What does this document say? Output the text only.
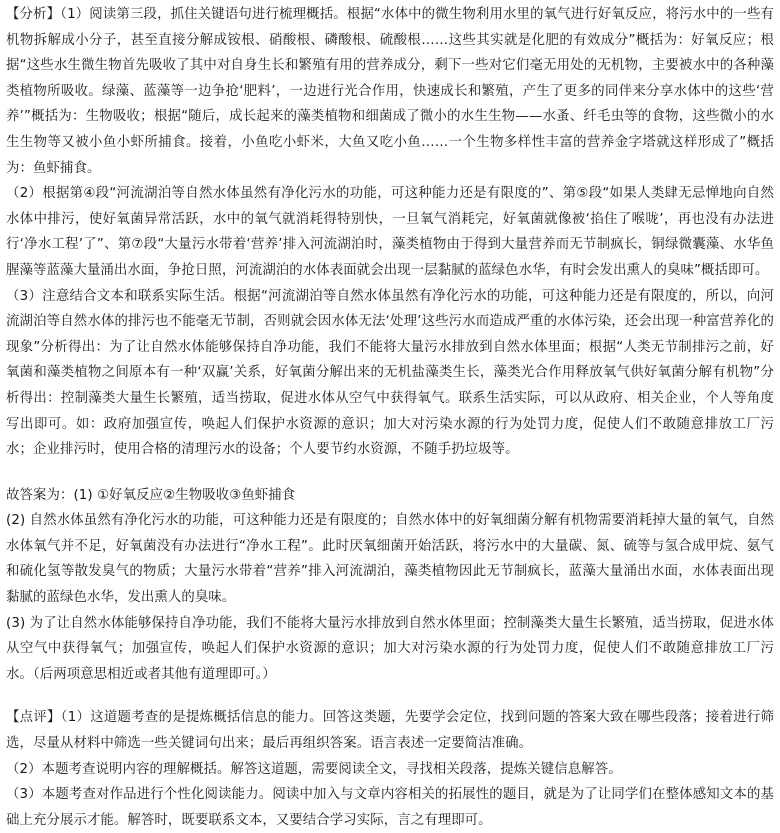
【分析】（1）阅读第三段，抓住关键语句进行梳理概括。根据“水体中的微生物利用水里的氧气进行好氧反应，将污水中的一些有机物拆解成小分子，甚至直接分解成铵根、硝酸根、磷酸根、硫酸根……这些其实就是化肥的有效成分”概括为：好氧反应；根据“这些水生微生物首先吸收了其中对自身生长和繁殖有用的营养成分，剩下一些对它们毫无用处的无机物，主要被水中的各种藻类植物所吸收。绿藻、蓝藻等一边争抢‘肥料’，一边进行光合作用，快速成长和繁殖，产生了更多的同伴来分享水体中的这些‘营养’”概括为：生物吸收；根据“随后，成长起来的藻类植物和细菌成了微小的水生生物——水蚤、纤毛虫等的食物，这些微小的水生生物等又被小鱼小虾所捕食。接着，小鱼吃小虾米，大鱼又吃小鱼……一个生物多样性丰富的营养金字塔就这样形成了”概括为：鱼虾捕食。

（2）根据第④段“河流湖泊等自然水体虽然有净化污水的功能，可这种能力还是有限度的”、第⑤段“如果人类肆无忌惮地向自然水体中排污，使好氧菌异常活跃，水中的氧气就消耗得特别快，一旦氧气消耗完，好氧菌就像被‘掐住了喉咙’，再也没有办法进行‘净水工程’了”、第⑦段“大量污水带着‘营养’排入河流湖泊时，藻类植物由于得到大量营养而无节制疯长，铜绿微囊藻、水华鱼腥藻等蓝藻大量涌出水面，争抢日照，河流湖泊的水体表面就会出现一层黏腻的蓝绿色水华，有时会发出熏人的臭味”概括即可。

（3）注意结合文本和联系实际生活。根据“河流湖泊等自然水体虽然有净化污水的功能，可这种能力还是有限度的，所以，向河流湖泊等自然水体的排污也不能毫无节制，否则就会因水体无法‘处理’这些污水而造成严重的水体污染，还会出现一种富营养化的现象”分析得出：为了让自然水体能够保持自净功能，我们不能将大量污水排放到自然水体里面；根据“人类无节制排污之前，好氧菌和藻类植物之间原本有一种‘双赢’关系，好氧菌分解出来的无机盐藻类生长，藻类光合作用释放氧气供好氧菌分解有机物”分析得出：控制藻类大量生长繁殖，适当捞取，促进水体从空气中获得氧气。联系生活实际，可以从政府、相关企业，个人等角度写出即可。如：政府加强宣传，唤起人们保护水资源的意识；加大对污染水源的行为处罚力度，促使人们不敢随意排放工厂污水；企业排污时，使用合格的清理污水的设备；个人要节约水资源，不随手扔垃圾等。

故答案为：(1) ①好氧反应②生物吸收③鱼虾捕食

(2) 自然水体虽然有净化污水的功能，可这种能力还是有限度的；自然水体中的好氧细菌分解有机物需要消耗掉大量的氧气，自然水体氧气并不足，好氧菌没有办法进行“净水工程”。此时厌氧细菌开始活跃，将污水中的大量碳、氮、硫等与氢合成甲烷、氨气和硫化氢等散发臭气的物质；大量污水带着“营养”排入河流湖泊，藻类植物因此无节制疯长，蓝藻大量涌出水面，水体表面出现黏腻的蓝绿色水华，发出熏人的臭味。

(3) 为了让自然水体能够保持自净功能，我们不能将大量污水排放到自然水体里面；控制藻类大量生长繁殖，适当捞取，促进水体从空气中获得氧气；加强宣传，唤起人们保护水资源的意识；加大对污染水源的行为处罚力度，促使人们不敢随意排放工厂污水。（后两项意思相近或者其他有道理即可。）

【点评】（1）这道题考查的是提炼概括信息的能力。回答这类题，先要学会定位，找到问题的答案大致在哪些段落；接着进行筛选，尽量从材料中筛选一些关键词句出来；最后再组织答案。语言表述一定要简洁准确。

（2）本题考查说明内容的理解概括。解答这道题，需要阅读全文，寻找相关段落，提炼关键信息解答。

（3）本题考查对作品进行个性化阅读能力。阅读中加入与文章内容相关的拓展性的题目，就是为了让同学们在整体感知文本的基础上充分展示才能。解答时，既要联系文本，又要结合学习实际，言之有理即可。
